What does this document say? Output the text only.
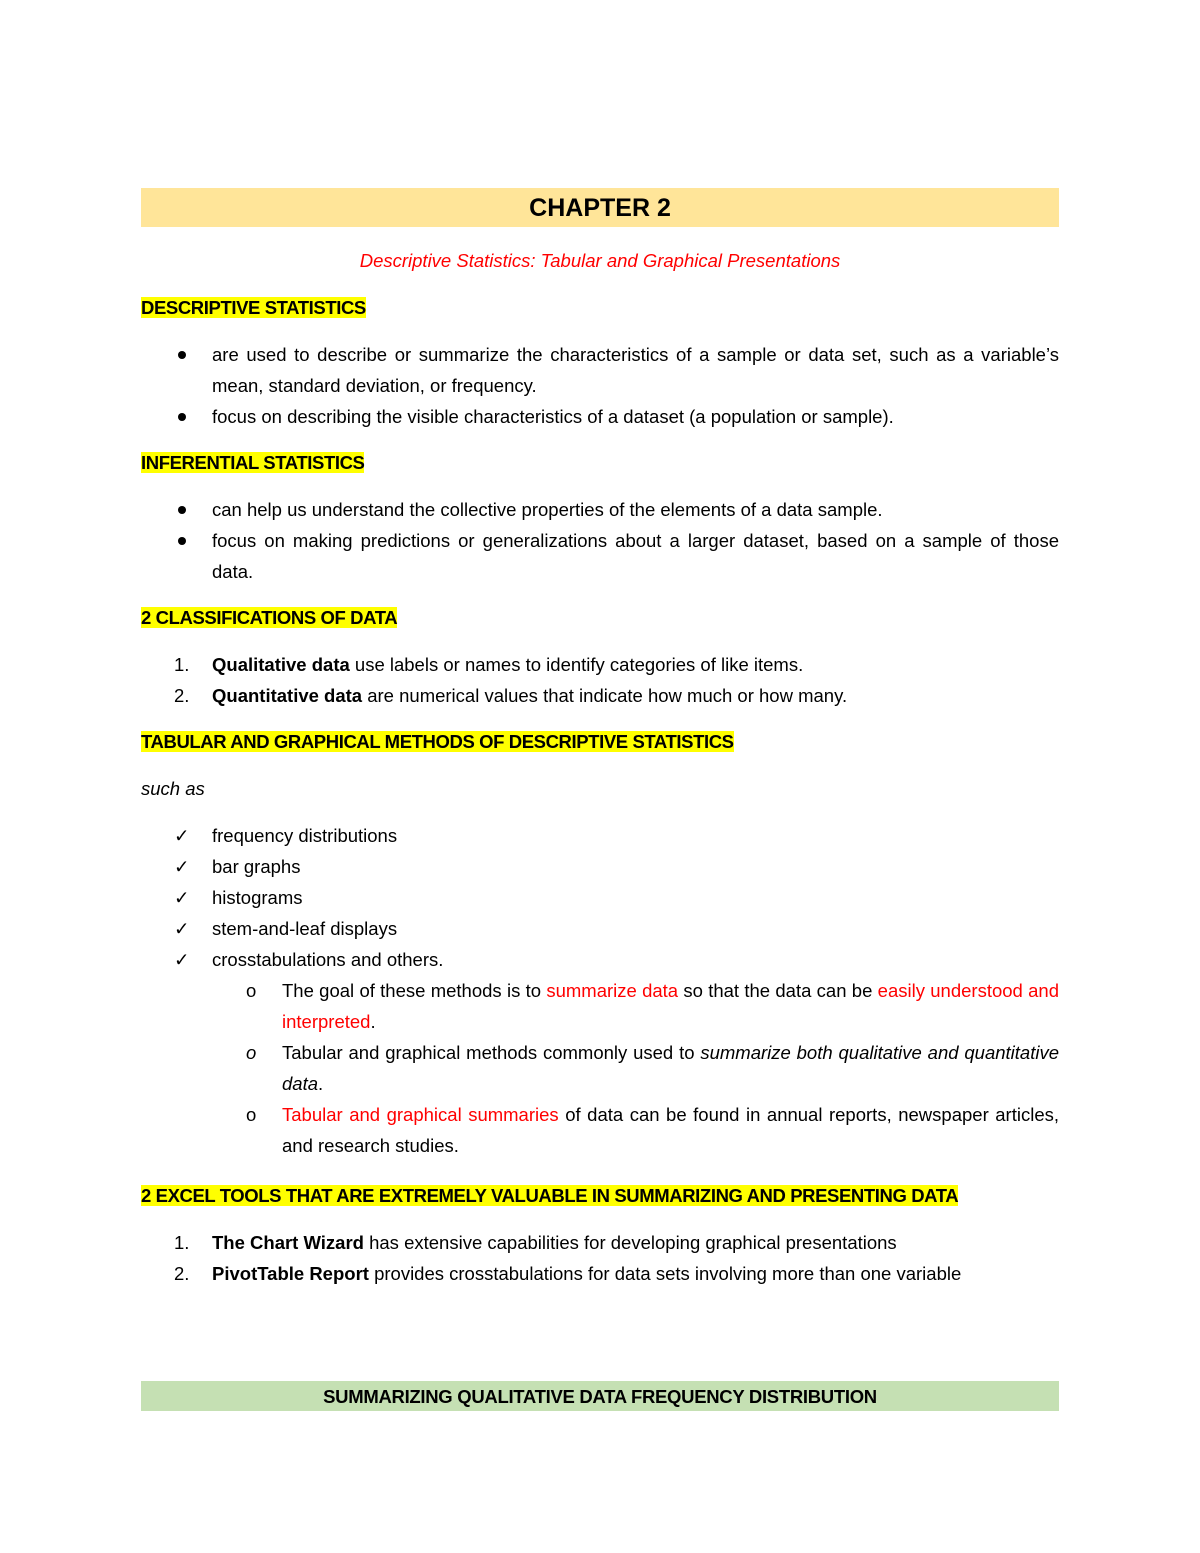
CHAPTER 2
Descriptive Statistics: Tabular and Graphical Presentations
DESCRIPTIVE STATISTICS
are used to describe or summarize the characteristics of a sample or data set, such as a variable’s mean, standard deviation, or frequency.
focus on describing the visible characteristics of a dataset (a population or sample).
INFERENTIAL STATISTICS
can help us understand the collective properties of the elements of a data sample.
focus on making predictions or generalizations about a larger dataset, based on a sample of those data.
2 CLASSIFICATIONS OF DATA
1.	Qualitative data use labels or names to identify categories of like items.
2.	Quantitative data are numerical values that indicate how much or how many.
TABULAR AND GRAPHICAL METHODS OF DESCRIPTIVE STATISTICS
such as
✓	frequency distributions
✓	bar graphs
✓	histograms
✓	stem-and-leaf displays
✓	crosstabulations and others.
o	The goal of these methods is to summarize data so that the data can be easily understood and interpreted.
o	Tabular and graphical methods commonly used to summarize both qualitative and quantitative data.
o	Tabular and graphical summaries of data can be found in annual reports, newspaper articles, and research studies.
2 EXCEL TOOLS THAT ARE EXTREMELY VALUABLE IN SUMMARIZING AND PRESENTING DATA
1.	The Chart Wizard has extensive capabilities for developing graphical presentations
2.	PivotTable Report provides crosstabulations for data sets involving more than one variable
SUMMARIZING QUALITATIVE DATA FREQUENCY DISTRIBUTION
